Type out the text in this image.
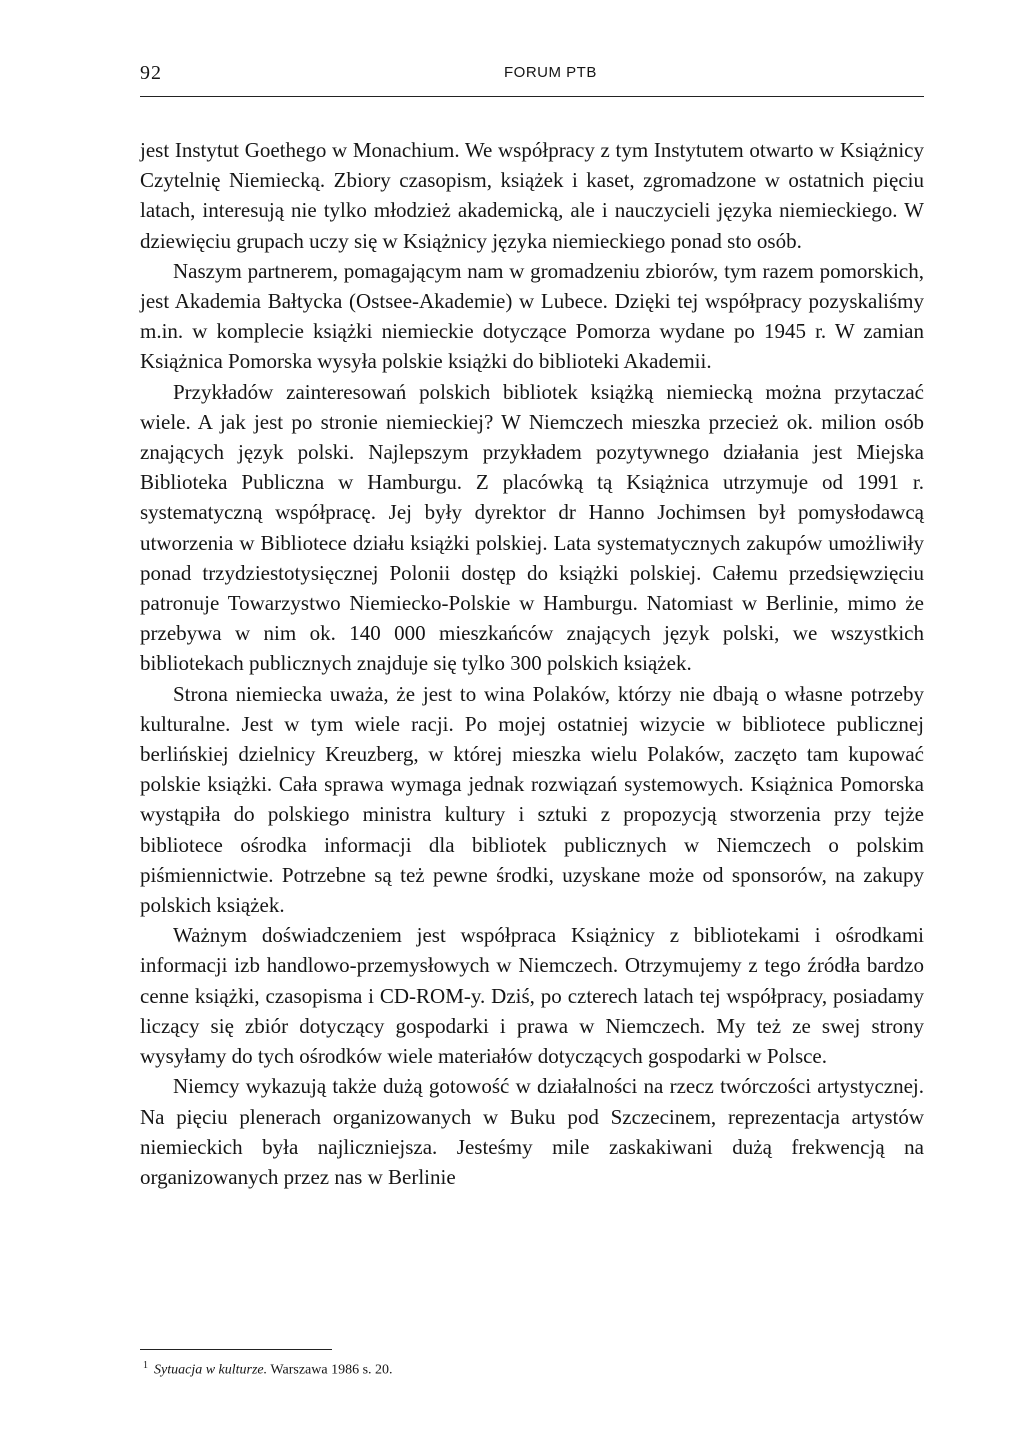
92	FORUM PTB

jest Instytut Goethego w Monachium. We współpracy z tym Instytutem otwarto w Książnicy Czytelnię Niemiecką. Zbiory czasopism, książek i kaset, zgromadzone w ostatnich pięciu latach, interesują nie tylko młodzież akademicką, ale i nauczycieli języka niemieckiego. W dziewięciu grupach uczy się w Książnicy języka niemieckiego ponad sto osób.

Naszym partnerem, pomagającym nam w gromadzeniu zbiorów, tym razem pomorskich, jest Akademia Bałtycka (Ostsee-Akademie) w Lubece. Dzięki tej współpracy pozyskaliśmy m.in. w komplecie książki niemieckie dotyczące Pomorza wydane po 1945 r. W zamian Książnica Pomorska wysyła polskie książki do biblioteki Akademii.

Przykładów zainteresowań polskich bibliotek książką niemiecką można przytaczać wiele. A jak jest po stronie niemieckiej? W Niemczech mieszka przecież ok. milion osób znających język polski. Najlepszym przykładem pozytywnego działania jest Miejska Biblioteka Publiczna w Hamburgu. Z placówką tą Książnica utrzymuje od 1991 r. systematyczną współpracę. Jej były dyrektor dr Hanno Jochimsen był pomysłodawcą utworzenia w Bibliotece działu książki polskiej. Lata systematycznych zakupów umożliwiły ponad trzydziestotysięcznej Polonii dostęp do książki polskiej. Całemu przedsięwzięciu patronuje Towarzystwo Niemiecko-Polskie w Hamburgu. Natomiast w Berlinie, mimo że przebywa w nim ok. 140 000 mieszkańców znających język polski, we wszystkich bibliotekach publicznych znajduje się tylko 300 polskich książek.

Strona niemiecka uważa, że jest to wina Polaków, którzy nie dbają o własne potrzeby kulturalne. Jest w tym wiele racji. Po mojej ostatniej wizycie w bibliotece publicznej berlińskiej dzielnicy Kreuzberg, w której mieszka wielu Polaków, zaczęto tam kupować polskie książki. Cała sprawa wymaga jednak rozwiązań systemowych. Książnica Pomorska wystąpiła do polskiego ministra kultury i sztuki z propozycją stworzenia przy tejże bibliotece ośrodka informacji dla bibliotek publicznych w Niemczech o polskim piśmiennictwie. Potrzebne są też pewne środki, uzyskane może od sponsorów, na zakupy polskich książek.

Ważnym doświadczeniem jest współpraca Książnicy z bibliotekami i ośrodkami informacji izb handlowo-przemysłowych w Niemczech. Otrzymujemy z tego źródła bardzo cenne książki, czasopisma i CD-ROM-y. Dziś, po czterech latach tej współpracy, posiadamy liczący się zbiór dotyczący gospodarki i prawa w Niemczech. My też ze swej strony wysyłamy do tych ośrodków wiele materiałów dotyczących gospodarki w Polsce.

Niemcy wykazują także dużą gotowość w działalności na rzecz twórczości artystycznej. Na pięciu plenerach organizowanych w Buku pod Szczecinem, reprezentacja artystów niemieckich była najliczniejsza. Jesteśmy mile zaskakiwani dużą frekwencją na organizowanych przez nas w Berlinie

$^1$ Sytuacja w kulturze. Warszawa 1986 s. 20.
